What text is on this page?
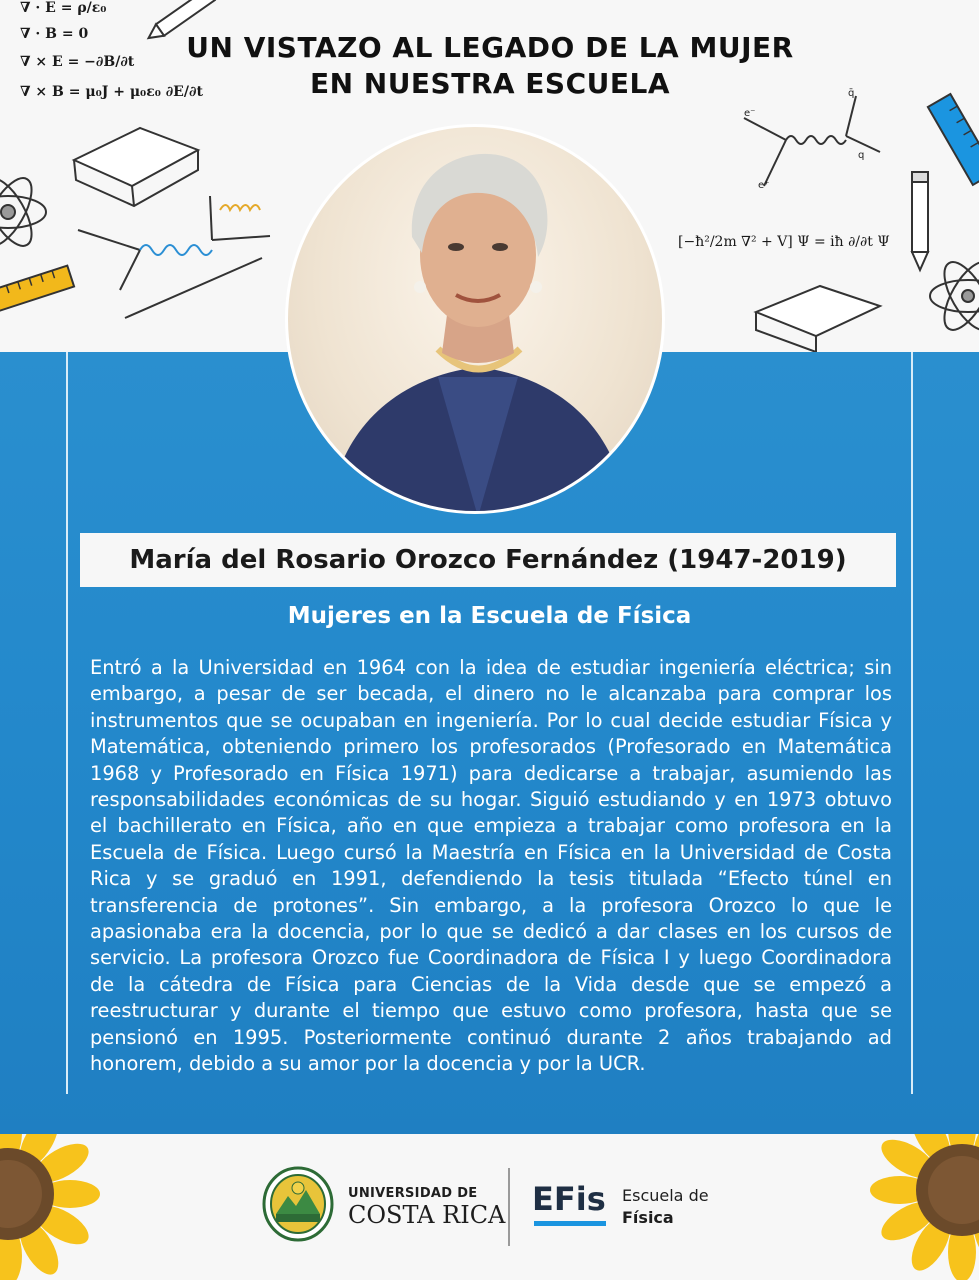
∇ · E = ρ/ε₀
∇ · B = 0
∇ × E = −∂B/∂t
∇ × B = μ₀J + μ₀ε₀ ∂E/∂t
e⁻
e⁺
q̄
q
[−ħ²/2m ∇² + V] Ψ = iħ ∂/∂t Ψ
UN VISTAZO AL LEGADO DE LA MUJER EN NUESTRA ESCUELA
María del Rosario Orozco Fernández (1947-2019)
Mujeres en la Escuela de Física

Entró a la Universidad en 1964 con la idea de estudiar ingeniería eléctrica; sin embargo, a pesar de ser becada, el dinero no le alcanzaba para comprar los instrumentos que se ocupaban en ingeniería. Por lo cual decide estudiar Física y Matemática, obteniendo primero los profesorados (Profesorado en Matemática 1968 y Profesorado en Física 1971) para dedicarse a trabajar, asumiendo las responsabilidades económicas de su hogar. Siguió estudiando y en 1973 obtuvo el bachillerato en Física, año en que empieza a trabajar como profesora en la Escuela de Física. Luego cursó la Maestría en Física en la Universidad de Costa Rica y se graduó en 1991, defendiendo la tesis titulada “Efecto túnel en transferencia de protones”. Sin embargo, a la profesora Orozco lo que le apasionaba era la docencia, por lo que se dedicó a dar clases en los cursos de servicio. La profesora Orozco fue Coordinadora de Física I y luego Coordinadora de la cátedra de Física para Ciencias de la Vida desde que se empezó a reestructurar y durante el tiempo que estuvo como profesora, hasta que se pensionó en 1995. Posteriormente continuó durante 2 años trabajando ad honorem, debido a su amor por la docencia y por la UCR.

UNIVERSIDAD DE
COSTA RICA EFis Escuela de
Física
